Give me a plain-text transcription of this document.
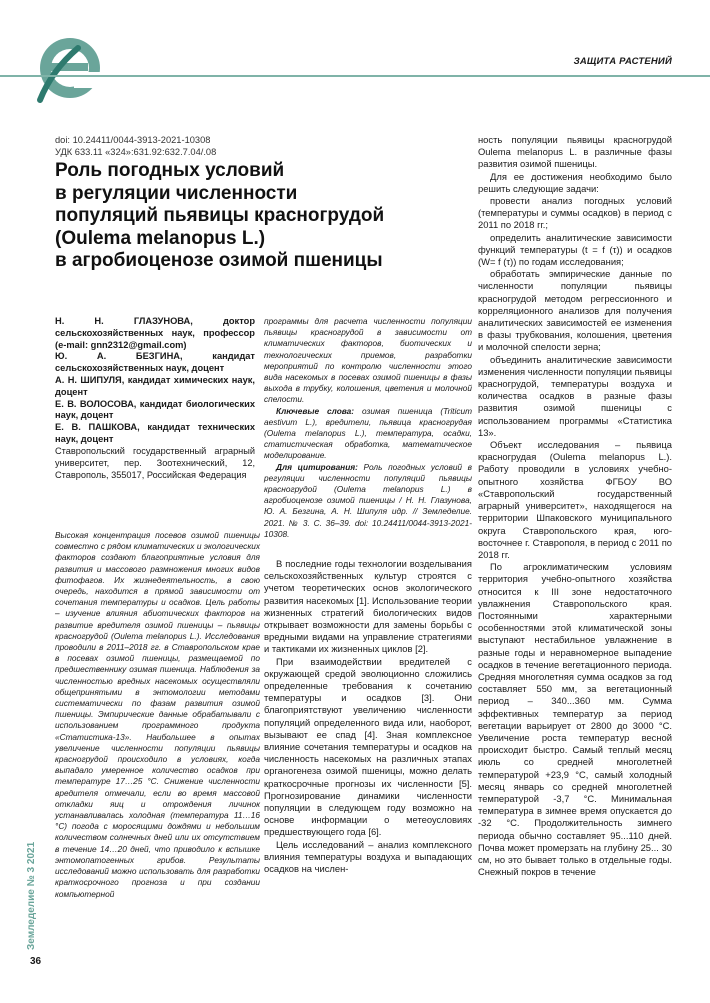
ЗАЩИТА РАСТЕНИЙ
doi: 10.24411/0044-3913-2021-10308
УДК 633.11 «324»:631.92:632.7.04/.08
Роль погодных условий
в регуляции численности
популяций пьявицы красногрудой
(Oulema melanopus L.)
в агробиоценозе озимой пшеницы
Н. Н. ГЛАЗУНОВА, доктор сельскохозяйственных наук, профессор (e-mail: gnn2312@gmail.com)
Ю. А. БЕЗГИНА, кандидат сельскохозяйственных наук, доцент
А. Н. ШИПУЛЯ, кандидат химических наук, доцент
Е. В. ВОЛОСОВА, кандидат биологических наук, доцент
Е. В. ПАШКОВА, кандидат технических наук, доцент
Ставропольский государственный аграрный университет, пер. Зоотехнический, 12, Ставрополь, 355017, Российская Федерация
Высокая концентрация посевов озимой пшеницы совместно с рядом климатических и экологических факторов создают благоприятные условия для развития и массового размножения многих видов фитофагов. Их жизнедеятельность, в свою очередь, находится в прямой зависимости от сочетания температуры и осадков. Цель работы – изучение влияния абиотических факторов на развитие вредителя озимой пшеницы – пьявицы красногрудой (Oulema melanopus L.). Исследования проводили в 2011–2018 гг. в Ставропольском крае в посевах озимой пшеницы, размещаемой по предшественнику озимая пшеница. Наблюдения за численностью вредных насекомых осуществляли общепринятыми в энтомологии методами систематически по фазам развития озимой пшеницы. Эмпирические данные обрабатывали с использованием программного продукта «Статистика-13». Наибольшее в опытах увеличение численности популяции пьявицы красногрудой происходило в условиях, когда выпадало умеренное количество осадков при температуре 17…25 °С. Снижение численности вредителя отмечали, если во время массовой откладки яиц и отрождения личинок устанавливалась холодная (температура 11…16 °С) погода с моросящими дождями и небольшим количеством солнечных дней или их отсутствием в течение 14…20 дней, что приводило к вспышке энтомопатогенных грибов. Результаты исследований можно использовать для разработки краткосрочного прогноза и при создании компьютерной

программы для расчета численности популяции пьявицы красногрудой в зависимости от климатических факторов, биотических и технологических приемов, разработки мероприятий по контролю численности этого вида насекомых в посевах озимой пшеницы в фазы выхода в трубку, колошения, цветения и молочной спелости.

Ключевые слова: озимая пшеница (Triticum aestivum L.), вредители, пьявица красногрудая (Oulema melanopus L.), температура, осадки, статистическая обработка, математическое моделирование.

Для цитирования: Роль погодных условий в регуляции численности популяций пьявицы красногрудой (Oulema melanopus L.) в агробиоценозе озимой пшеницы / Н. Н. Глазунова, Ю. А. Безгина, А. Н. Шипуля идр. // Земледелие. 2021. № 3. С. 36–39. doi: 10.24411/0044-3913-2021-10308.

В последние годы технологии возделывания сельскохозяйственных культур строятся с учетом теоретических основ экологического развития насекомых [1]. Использование теории жизненных стратегий биологических видов открывает возможности для замены борьбы с вредными видами на управление стратегиями и тактиками их жизненных циклов [2].

При взаимодействии вредителей с окружающей средой эволюционно сложились определенные требования к сочетанию температуры и осадков [3]. Они благоприятствуют увеличению численности популяций определенного вида или, наоборот, вызывают ее спад [4]. Зная комплексное влияние сочетания температуры и осадков на численность насекомых на различных этапах органогенеза озимой пшеницы, можно делать краткосрочные прогнозы их численности [5]. Прогнозирование динамики численности популяции в следующем году возможно на основе информации о метеоусловиях предшествующего года [6].

Цель исследований – анализ комплексного влияния температуры воздуха и выпадающих осадков на числен-

ность популяции пьявицы красногрудой Oulema melanopus L. в различные фазы развития озимой пшеницы.

Для ее достижения необходимо было решить следующие задачи:

провести анализ погодных условий (температуры и суммы осадков) в период с 2011 по 2018 гг.;

определить аналитические зависимости функций температуры (t = f (τ)) и осадков (W= f (τ)) по годам исследования;

обработать эмпирические данные по численности популяции пьявицы красногрудой методом регрессионного и корреляционного анализов для получения аналитических зависимостей ее изменения в фазы трубкования, колошения, цветения и молочной спелости зерна;

объединить аналитические зависимости изменения численности популяции пьявицы красногрудой, температуры воздуха и количества осадков в разные фазы развития озимой пшеницы с использованием программы «Статистика 13».

Объект исследования – пьявица красногрудая (Oulema melanopus L.). Работу проводили в условиях учебно-опытного хозяйства ФГБОУ ВО «Ставропольский государственный аграрный университет», находящегося на территории Шпаковского муниципального округа Ставропольского края, юго-восточнее г. Ставрополя, в период с 2011 по 2018 гг.

По агроклиматическим условиям территория учебно-опытного хозяйства относится к III зоне недостаточного увлажнения Ставропольского края. Постоянными характерными особенностями этой климатической зоны выступают нестабильное увлажнение в разные годы и неравномерное выпадение осадков в течение вегетационного периода. Средняя многолетняя сумма осадков за год составляет 550 мм, за вегетационный период – 340...360 мм. Сумма эффективных температур за период вегетации варьирует от 2800 до 3000 °С. Увеличение роста температур весной происходит быстро. Самый теплый месяц июль со средней многолетней температурой +23,9 °С, самый холодный месяц январь со средней многолетней температурой -3,7 °С. Минимальная температура в зимнее время опускается до -32 °С. Продолжительность зимнего периода обычно составляет 95...110 дней. Почва может промерзать на глубину 25... 30 см, но это бывает только в отдельные годы. Снежный покров в течение

Земледелие № 3 2021
36
